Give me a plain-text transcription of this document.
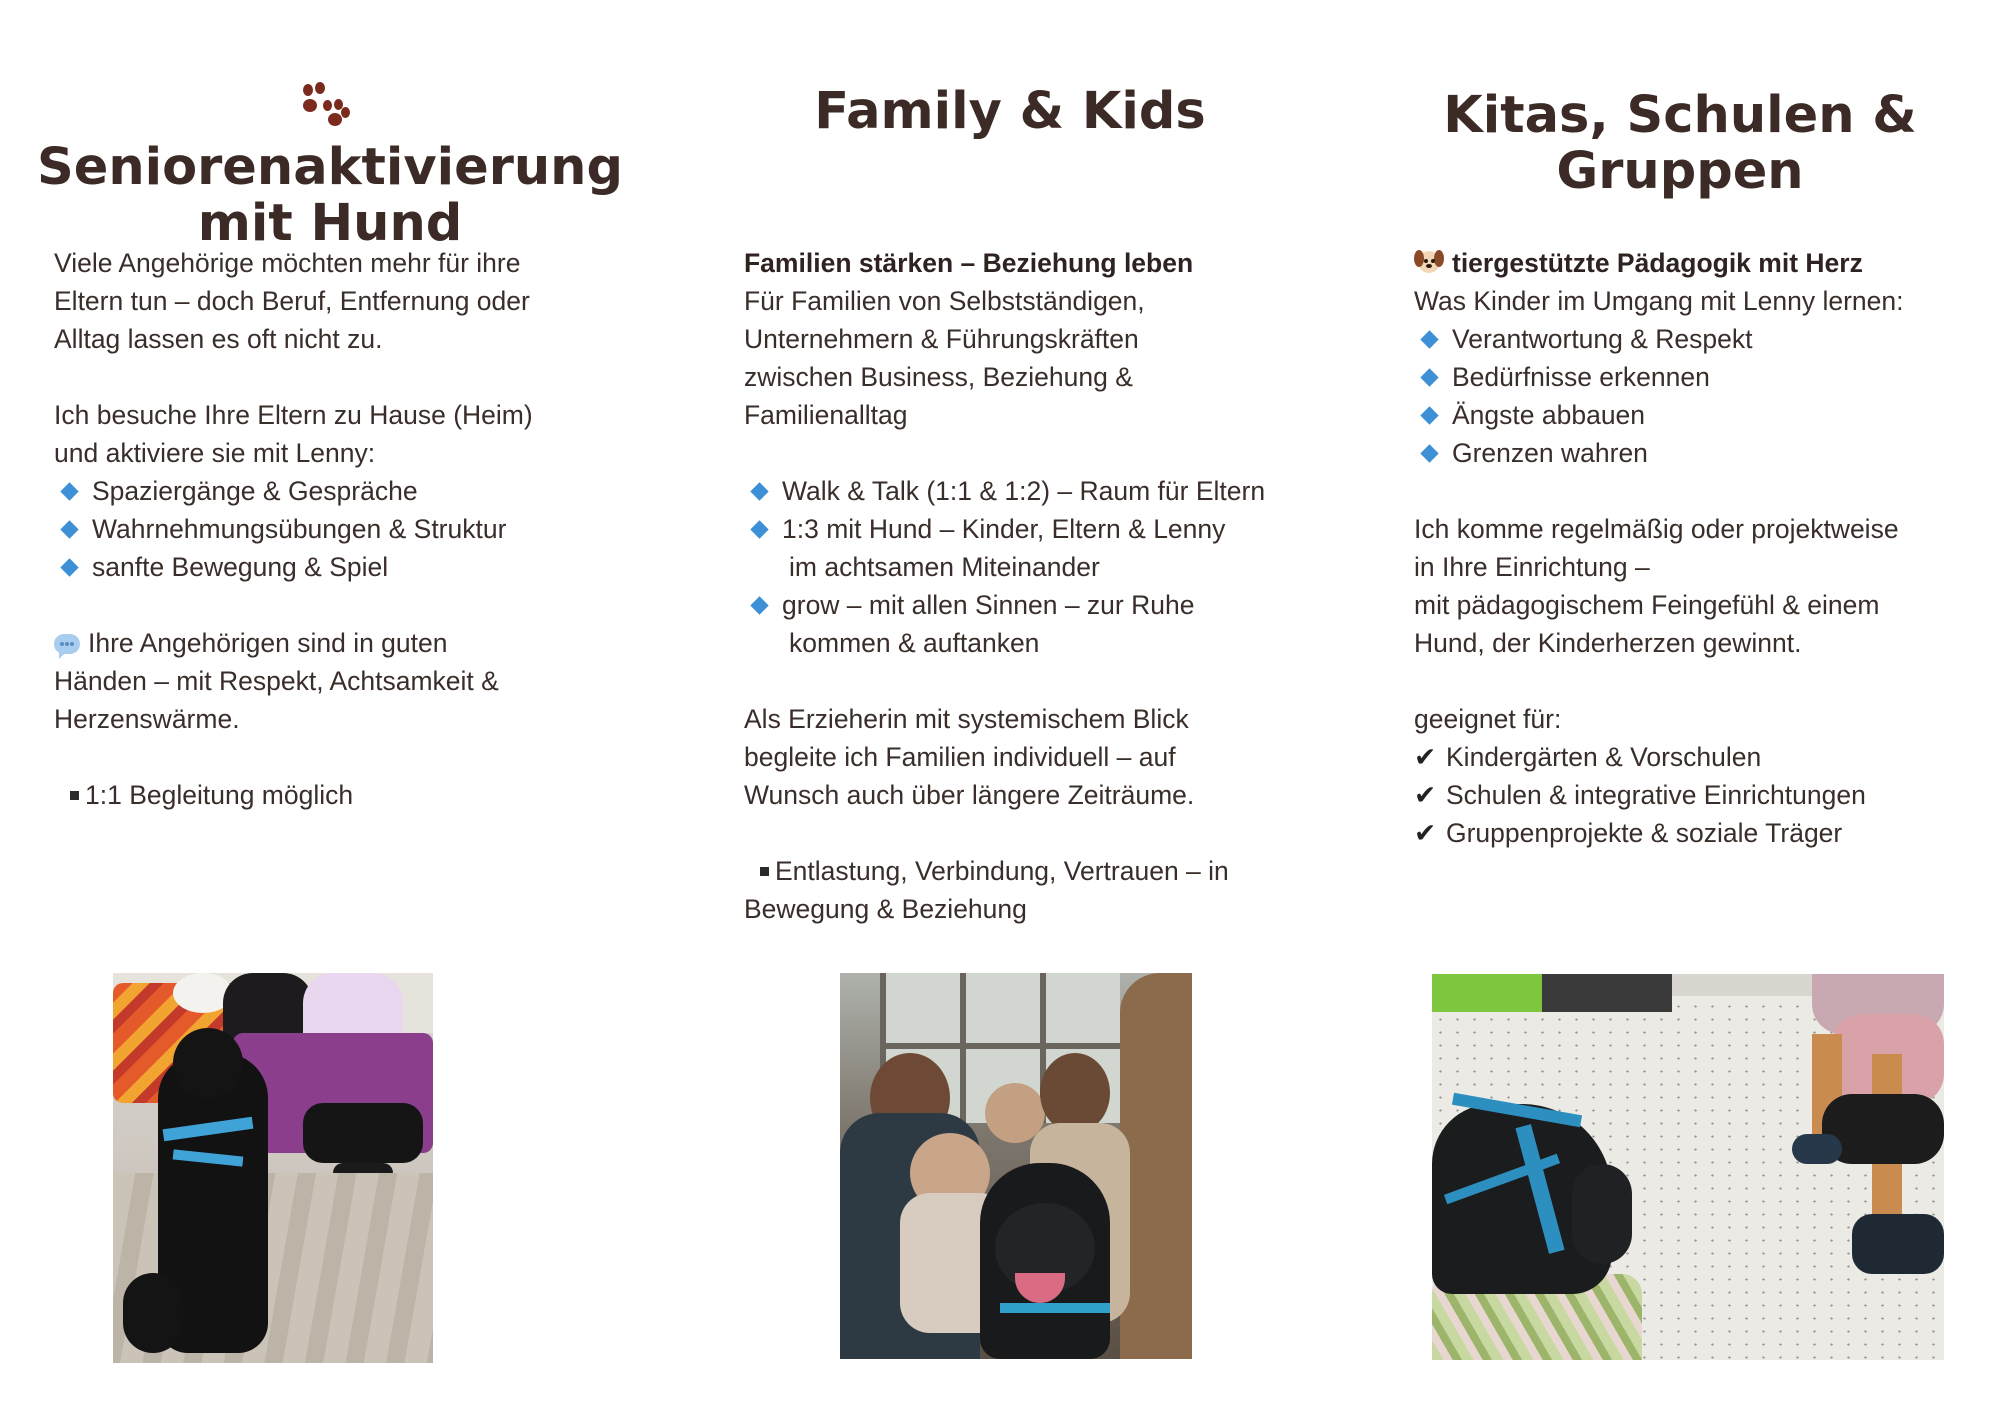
Seniorenaktivierung
mit Hund
Viele Angehörige möchten mehr für ihre
Eltern tun – doch Beruf, Entfernung oder
Alltag lassen es oft nicht zu.
Ich besuche Ihre Eltern zu Hause (Heim)
und aktiviere sie mit Lenny:
Spaziergänge & Gespräche
Wahrnehmungsübungen & Struktur
sanfte Bewegung & Spiel
Ihre Angehörigen sind in guten
Händen – mit Respekt, Achtsamkeit &
Herzenswärme.
1:1 Begleitung möglich
Family & Kids
Familien stärken – Beziehung leben
Für Familien von Selbstständigen,
Unternehmern & Führungskräften
zwischen Business, Beziehung &
Familienalltag
Walk & Talk (1:1 & 1:2) – Raum für Eltern
1:3 mit Hund – Kinder, Eltern & Lenny
im achtsamen Miteinander
grow – mit allen Sinnen – zur Ruhe
kommen & auftanken
Als Erzieherin mit systemischem Blick
begleite ich Familien individuell – auf
Wunsch auch über längere Zeiträume.
Entlastung, Verbindung, Vertrauen – in
Bewegung & Beziehung
Kitas, Schulen &
Gruppen
tiergestützte Pädagogik mit Herz
Was Kinder im Umgang mit Lenny lernen:
Verantwortung & Respekt
Bedürfnisse erkennen
Ängste abbauen
Grenzen wahren
Ich komme regelmäßig oder projektweise
in Ihre Einrichtung –
mit pädagogischem Feingefühl & einem
Hund, der Kinderherzen gewinnt.
geeignet für:
✔ Kindergärten & Vorschulen
✔ Schulen & integrative Einrichtungen
✔ Gruppenprojekte & soziale Träger
